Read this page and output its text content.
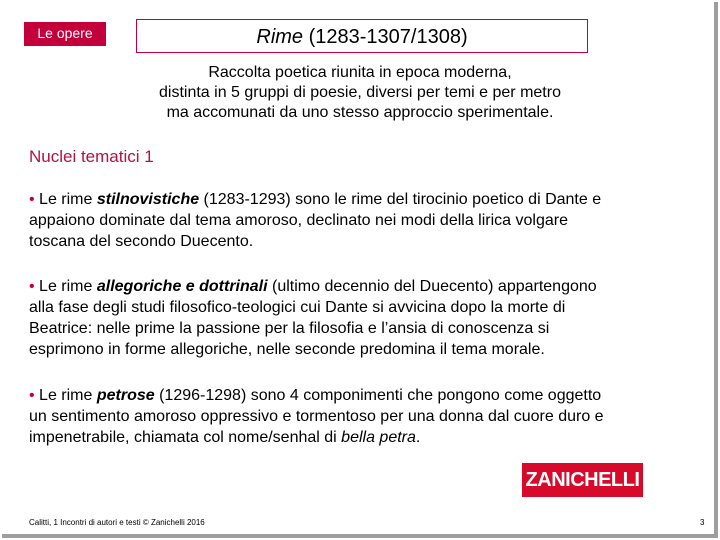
Le opere	Rime (1283-1307/1308)
Raccolta poetica riunita in epoca moderna,
distinta in 5 gruppi di poesie, diversi per temi e per metro
ma accomunati da uno stesso approccio sperimentale.
Nuclei tematici 1
• Le rime stilnovistiche (1283-1293) sono le rime del tirocinio poetico di Dante e
appaiono dominate dal tema amoroso, declinato nei modi della lirica volgare
toscana del secondo Duecento.
• Le rime allegoriche e dottrinali (ultimo decennio del Duecento) appartengono
alla fase degli studi filosofico-teologici cui Dante si avvicina dopo la morte di
Beatrice: nelle prime la passione per la filosofia e l’ansia di conoscenza si
esprimono in forme allegoriche, nelle seconde predomina il tema morale.
• Le rime petrose (1296-1298) sono 4 componimenti che pongono come oggetto
un sentimento amoroso oppressivo e tormentoso per una donna dal cuore duro e
impenetrabile, chiamata col nome/senhal di bella petra.
ZANICHELLI
Calitti, 1 Incontri di autori e testi © Zanichelli 2016	3
